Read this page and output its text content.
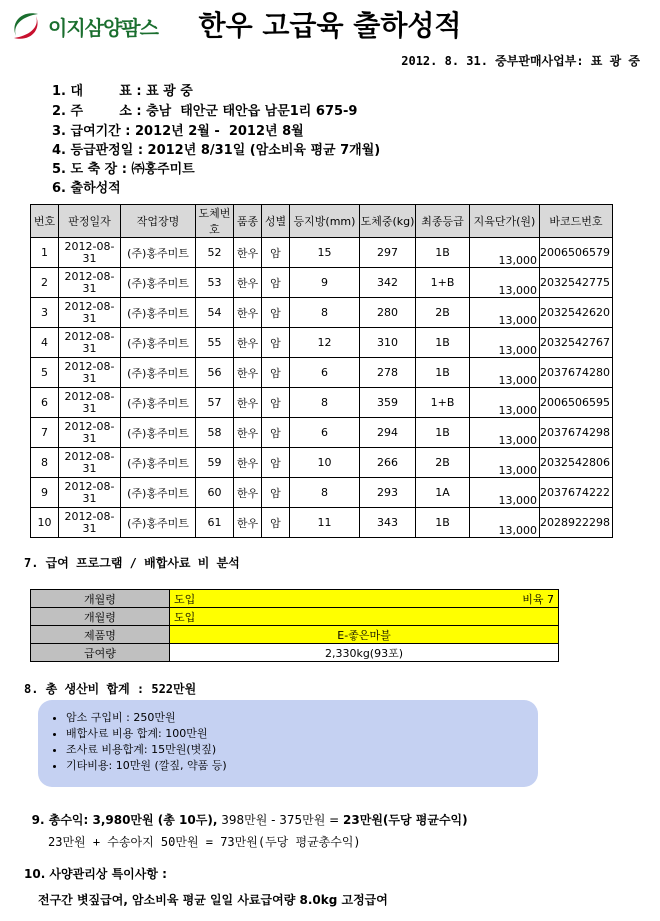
이지삼양팜스	한우 고급육 출하성적
2012. 8. 31. 중부판매사업부: 표 광 중
1. 대        표 : 표 광 중
2. 주        소 : 충남  태안군 태안읍 남문1리 675-9
3. 급여기간 : 2012년 2월 -  2012년 8월
4. 등급판정일 : 2012년 8/31일 (암소비육 평균 7개월)
5. 도 축 장 : ㈜홍주미트
6. 출하성적
번호	판정일자	작업장명	도체번호	품종	성별	등지방(mm)	도체중(kg)	최종등급	지육단가(원)	바코드번호
1	2012-08-31	(주)홍주미트	52	한우	암	15	297	1B	13,000	2006506579
2	2012-08-31	(주)홍주미트	53	한우	암	9	342	1+B	13,000	2032542775
3	2012-08-31	(주)홍주미트	54	한우	암	8	280	2B	13,000	2032542620
4	2012-08-31	(주)홍주미트	55	한우	암	12	310	1B	13,000	2032542767
5	2012-08-31	(주)홍주미트	56	한우	암	6	278	1B	13,000	2037674280
6	2012-08-31	(주)홍주미트	57	한우	암	8	359	1+B	13,000	2006506595
7	2012-08-31	(주)홍주미트	58	한우	암	6	294	1B	13,000	2037674298
8	2012-08-31	(주)홍주미트	59	한우	암	10	266	2B	13,000	2032542806
9	2012-08-31	(주)홍주미트	60	한우	암	8	293	1A	13,000	2037674222
10	2012-08-31	(주)홍주미트	61	한우	암	11	343	1B	13,000	2028922298
7. 급여 프로그램 / 배합사료 비 분석
개월령	도입 비육 7

개월령	도입
제품명	E-좋은마블
급여량	2,330kg(93포)
8. 총 생산비 합계 : 522만원
• 암소 구입비 : 250만원
• 배합사료 비용 합계: 100만원
• 조사료 비용합계: 15만원(볏짚)
• 기타비용: 10만원 (깔짚, 약품 등)

9. 총수익: 3,980만원 (총 10두), 398만원 - 375만원 = 23만원(두당 평균수익)

23만원 + 수송아지 50만원 = 73만원(두당 평균총수익)
10. 사양관리상 특이사항 :
전구간 볏짚급여, 암소비육 평균 일일 사료급여량 8.0kg 고정급여
